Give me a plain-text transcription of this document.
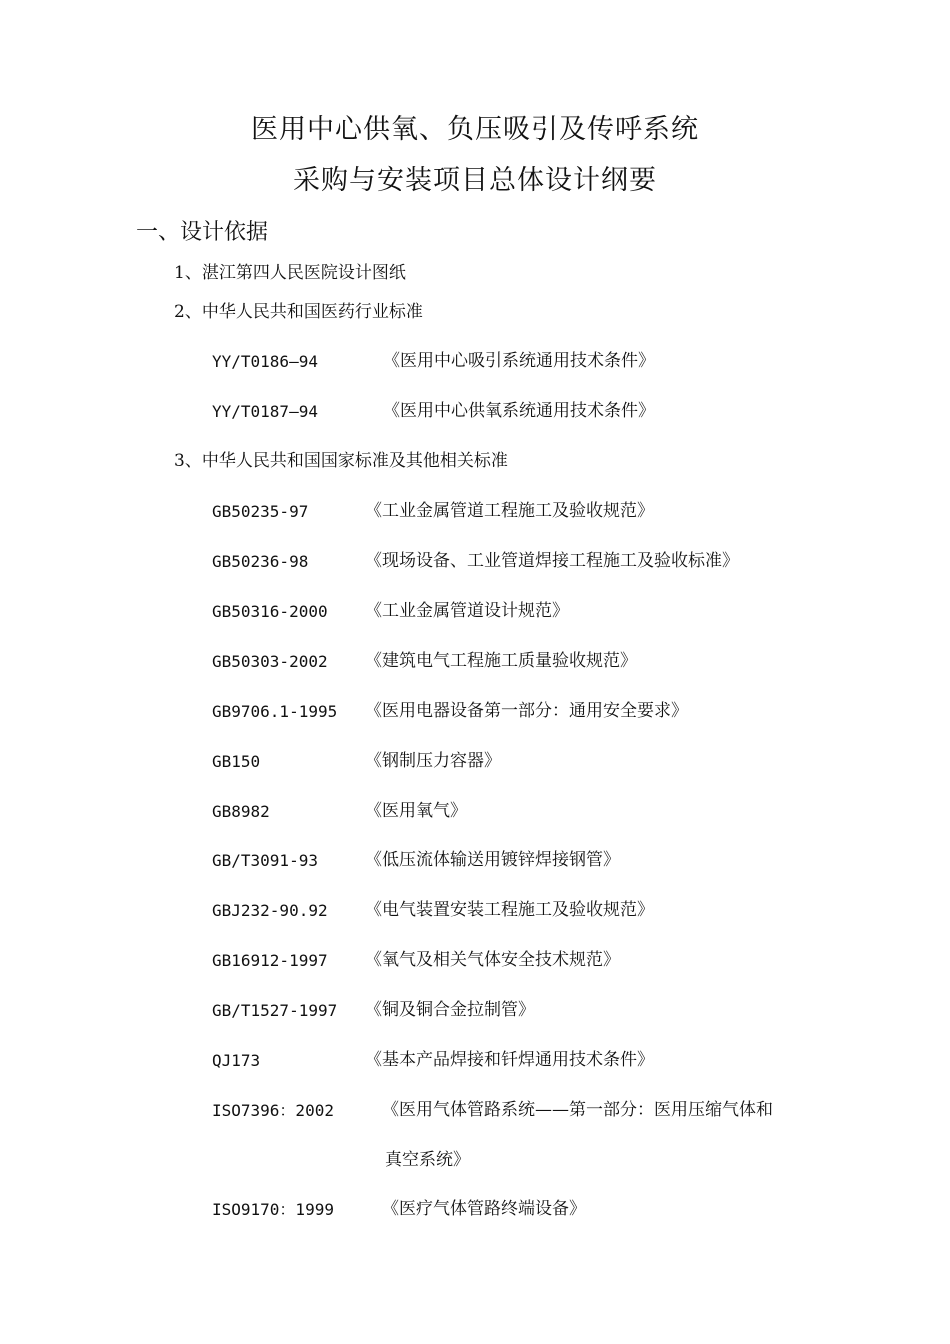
医用中心供氧、负压吸引及传呼系统
采购与安装项目总体设计纲要
一、设计依据
1、湛江第四人民医院设计图纸
2、中华人民共和国医药行业标准
YY/T0186—94	《医用中心吸引系统通用技术条件》
YY/T0187—94	《医用中心供氧系统通用技术条件》
3、中华人民共和国国家标准及其他相关标准
GB50235-97	《工业金属管道工程施工及验收规范》
GB50236-98	《现场设备、工业管道焊接工程施工及验收标准》
GB50316-2000 《工业金属管道设计规范》
GB50303-2002 《建筑电气工程施工质量验收规范》
GB9706.1-1995 《医用电器设备第一部分：通用安全要求》
GB150	《钢制压力容器》
GB8982	《医用氧气》
GB/T3091-93	《低压流体输送用镀锌焊接钢管》
GBJ232-90.92 《电气装置安装工程施工及验收规范》
GB16912-1997 《氧气及相关气体安全技术规范》
GB/T1527-1997 《铜及铜合金拉制管》
QJ173	《基本产品焊接和钎焊通用技术条件》
ISO7396：2002	《医用气体管路系统——第一部分：医用压缩气体和
真空系统》
ISO9170：1999	《医疗气体管路终端设备》
